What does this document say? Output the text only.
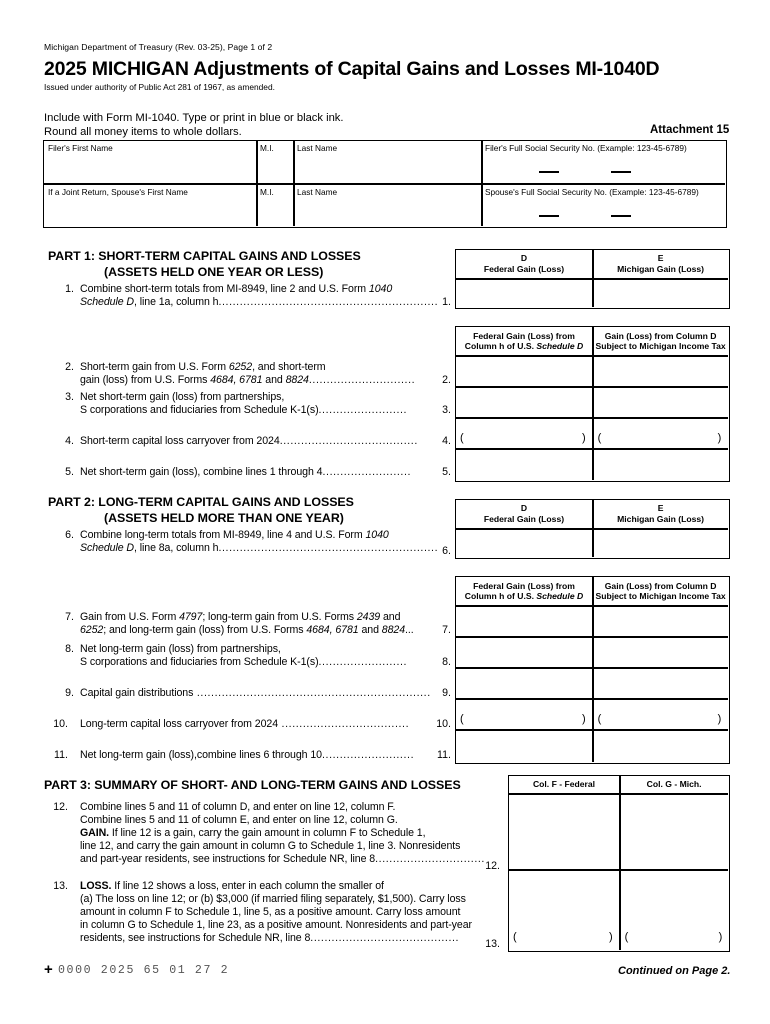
Michigan Department of Treasury (Rev. 03-25), Page 1 of 2
2025 MICHIGAN Adjustments of Capital Gains and Losses MI-1040D
Issued under authority of Public Act 281 of 1967, as amended.
Include with Form MI-1040. Type or print in blue or black ink.
Round all money items to whole dollars.	Attachment 15
Filer's First Name	M.I.	Last Name	Filer's Full Social Security No. (Example: 123-45-6789)
If a Joint Return, Spouse's First Name	M.I.	Last Name	Spouse's Full Social Security No. (Example: 123-45-6789)
PART 1: SHORT-TERM CAPITAL GAINS AND LOSSES
(ASSETS HELD ONE YEAR OR LESS)
1. Combine short-term totals from MI-8949, line 2 and U.S. Form 1040
Schedule D, line 1a, column h.............................................................. 1.
D
Federal Gain (Loss)
E
Michigan Gain (Loss)
2. Short-term gain from U.S. Form 6252, and short-term
gain (loss) from U.S. Forms 4684, 6781 and 8824..............................	2.
3. Net short-term gain (loss) from partnerships,
S corporations and fiduciaries from Schedule K-1(s).........................	3.
4. Short-term capital loss carryover from 2024.......................................	4.
5. Net short-term gain (loss), combine lines 1 through 4.........................	5.
Federal Gain (Loss) from
Column h of U.S. Schedule D
Gain (Loss) from Column D
Subject to Michigan Income Tax
(	) (	)
PART 2: LONG-TERM CAPITAL GAINS AND LOSSES
(ASSETS HELD MORE THAN ONE YEAR)
6. Combine long-term totals from MI-8949, line 4 and U.S. Form 1040
Schedule D, line 8a, column h.............................................................. 6.
D
Federal Gain (Loss)
E
Michigan Gain (Loss)
7. Gain from U.S. Form 4797; long-term gain from U.S. Forms 2439 and
6252; and long-term gain (loss) from U.S. Forms 4684, 6781 and 8824...	7.
8. Net long-term gain (loss) from partnerships,
S corporations and fiduciaries from Schedule K-1(s).........................	8.
9. Capital gain distributions ..................................................................	9.
10. Long-term capital loss carryover from 2024 ....................................	10.
11. Net long-term gain (loss),combine lines 6 through 10..........................	11.
Federal Gain (Loss) from
Column h of U.S. Schedule D
Gain (Loss) from Column D
Subject to Michigan Income Tax
(	) (	)
PART 3: SUMMARY OF SHORT- AND LONG-TERM GAINS AND LOSSES
12. Combine lines 5 and 11 of column D, and enter on line 12, column F.
Combine lines 5 and 11 of column E, and enter on line 12, column G.
GAIN. If line 12 is a gain, carry the gain amount in column F to Schedule 1,
line 12, and carry the gain amount in column G to Schedule 1, line 3. Nonresidents
and part-year residents, see instructions for Schedule NR, line 8...............................
12.
13. LOSS. If line 12 shows a loss, enter in each column the smaller of
(a) The loss on line 12; or (b) $3,000 (if married filing separately, $1,500). Carry loss
amount in column F to Schedule 1, line 5, as a positive amount. Carry loss amount
in column G to Schedule 1, line 23, as a positive amount. Nonresidents and part-year
residents, see instructions for Schedule NR, line 8..........................................	13.
Col. F - Federal	Col. G - Mich.
(	) (	)
+ 0000 2025 65 01 27 2	Continued on Page 2.
